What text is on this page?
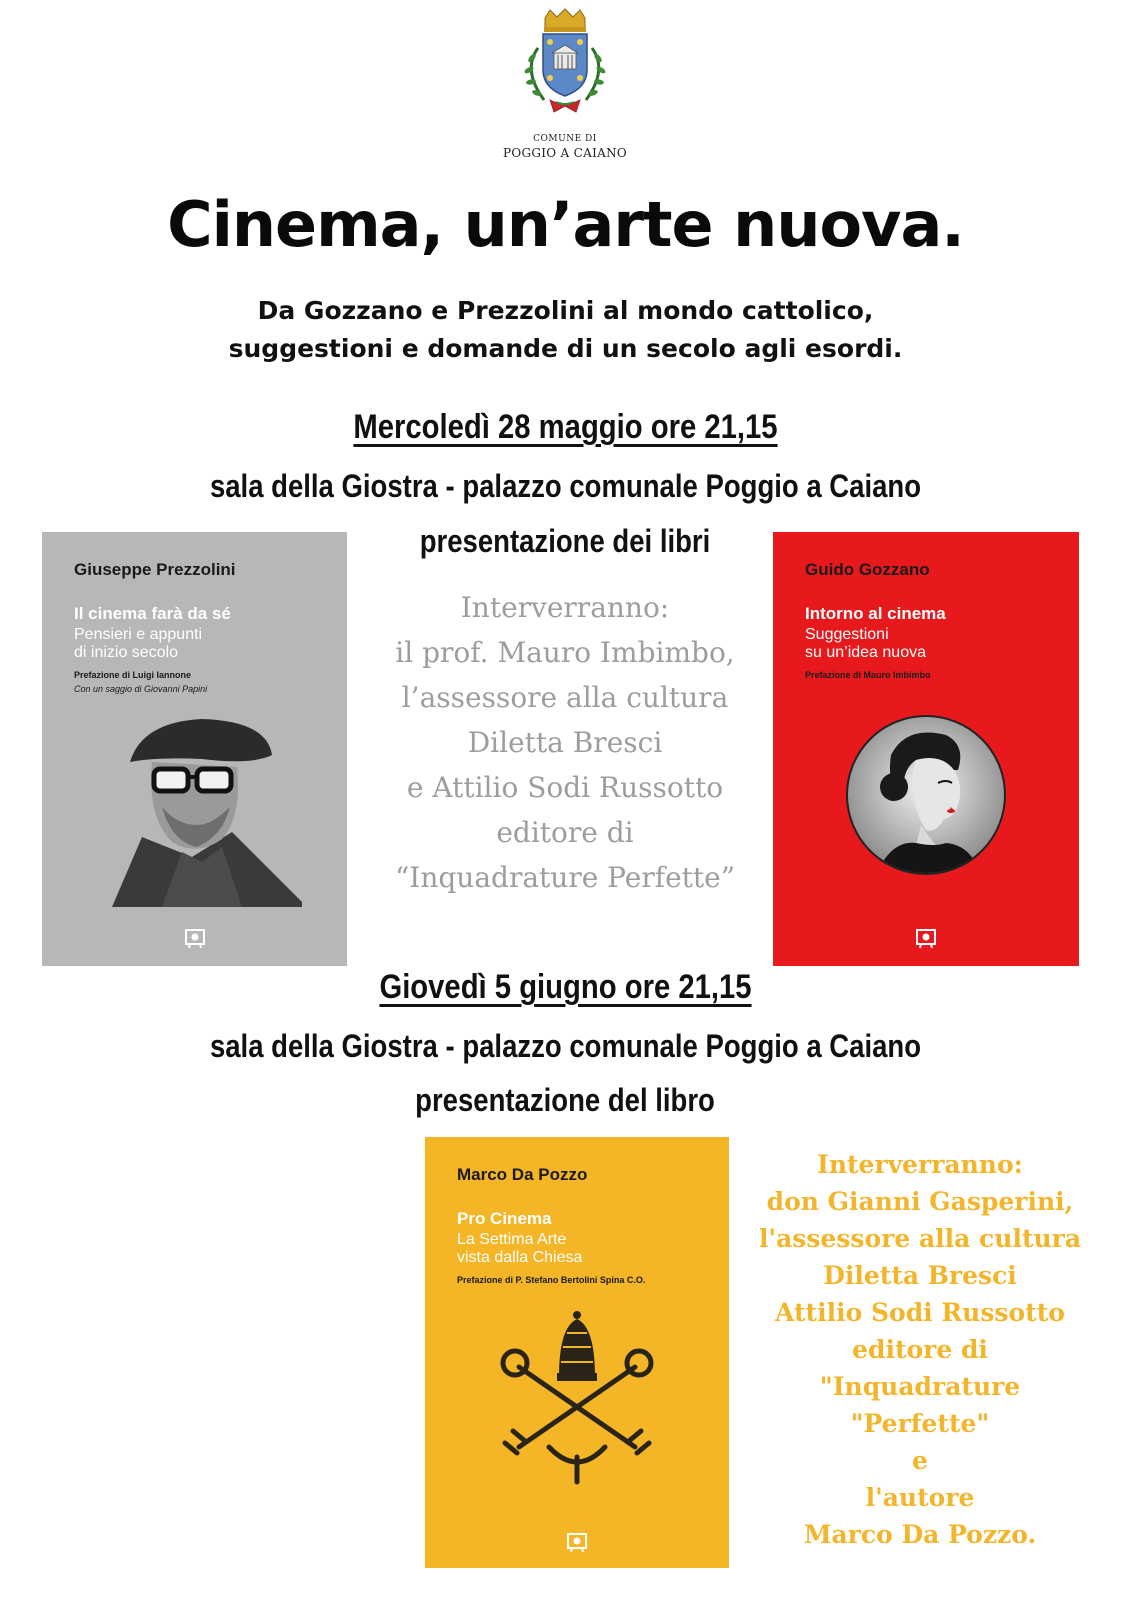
COMUNE DI
POGGIO A CAIANO
Cinema, un’arte nuova.
Da Gozzano e Prezzolini al mondo cattolico,
suggestioni e domande di un secolo agli esordi.
Mercoledì 28 maggio ore 21,15
sala della Giostra - palazzo comunale Poggio a Caiano
presentazione dei libri
Interverranno:
il prof. Mauro Imbimbo,
l’assessore alla cultura
Diletta Bresci
e Attilio Sodi Russotto
editore di
“Inquadrature Perfette”
Giuseppe Prezzolini
Il cinema farà da sé
Pensieri e appunti
di inizio secolo
Prefazione di Luigi Iannone
Con un saggio di Giovanni Papini
Guido Gozzano
Intorno al cinema
Suggestioni
su un’idea nuova
Prefazione di Mauro Imbimbo
Giovedì 5 giugno ore 21,15
sala della Giostra - palazzo comunale Poggio a Caiano
presentazione del libro
Marco Da Pozzo
Pro Cinema
La Settima Arte
vista dalla Chiesa
Prefazione di P. Stefano Bertolini Spina C.O.
Interverranno:
don Gianni Gasperini,
l'assessore alla cultura
Diletta Bresci
Attilio Sodi Russotto
editore di
"Inquadrature
"Perfette"
e
l'autore
Marco Da Pozzo.
